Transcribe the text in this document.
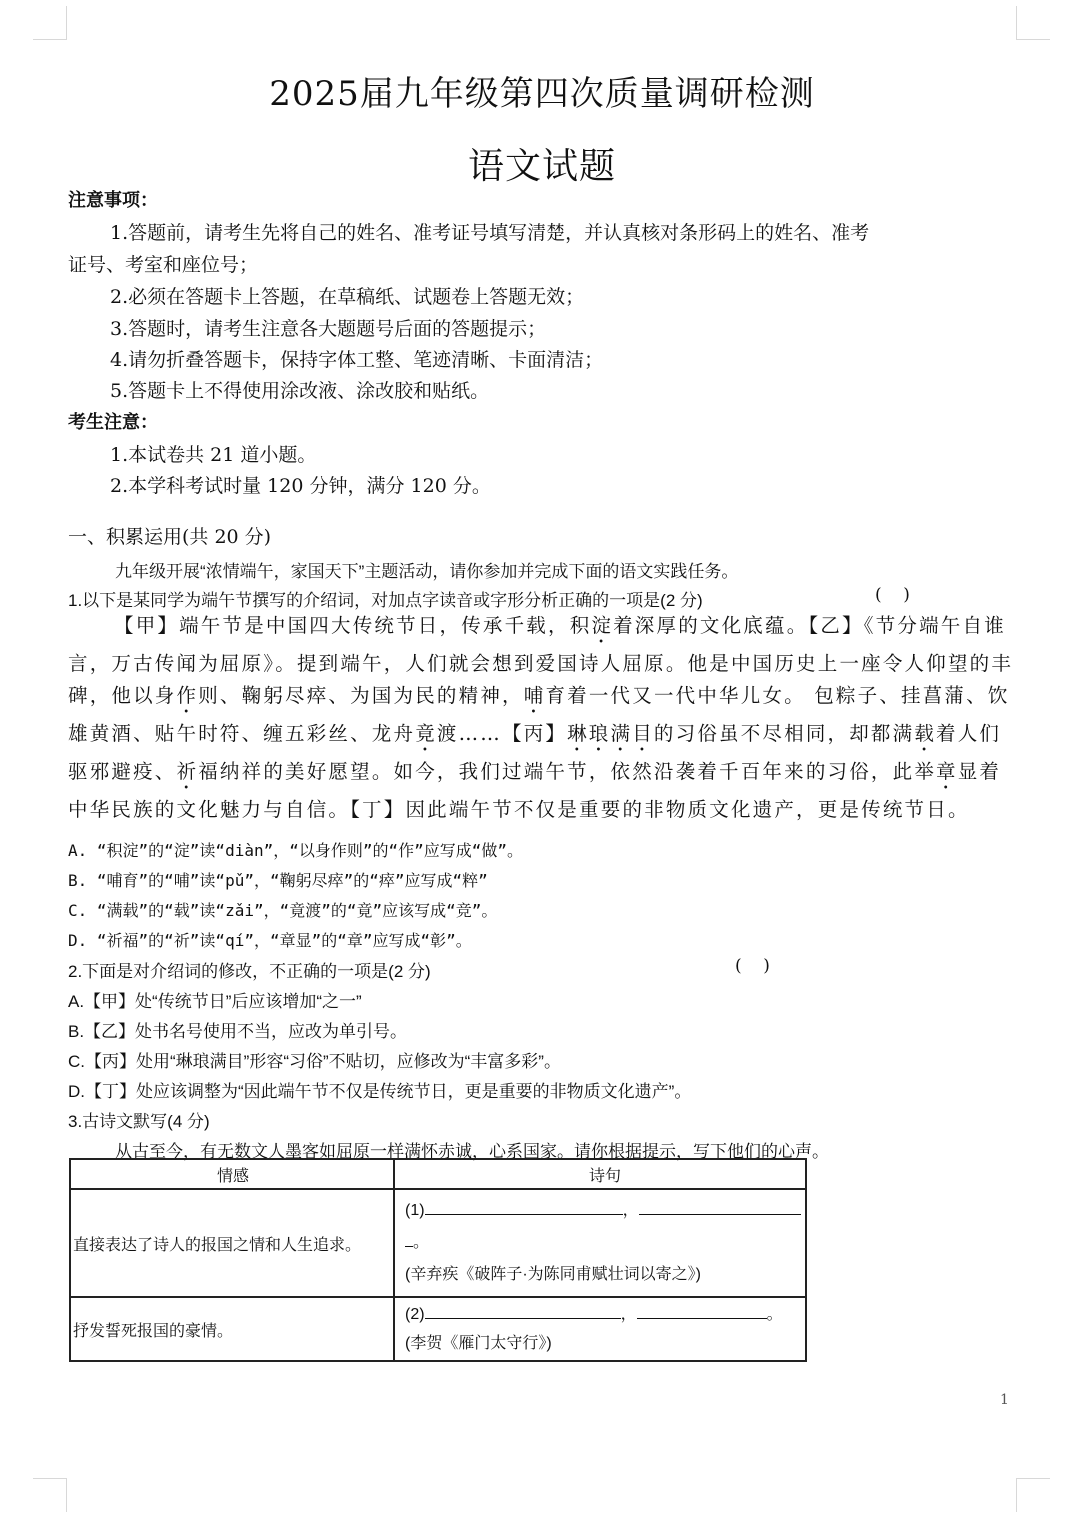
2025届九年级第四次质量调研检测
语文试题
注意事项：
1.答题前，请考生先将自己的姓名、准考证号填写清楚，并认真核对条形码上的姓名、准考
证号、考室和座位号；
2.必须在答题卡上答题，在草稿纸、试题卷上答题无效；
3.答题时，请考生注意各大题题号后面的答题提示；
4.请勿折叠答题卡，保持字体工整、笔迹清晰、卡面清洁；
5.答题卡上不得使用涂改液、涂改胶和贴纸。
考生注意：
1.本试卷共 21 道小题。
2.本学科考试时量 120 分钟，满分 120 分。
一、积累运用(共 20 分)
九年级开展“浓情端午，家国天下”主题活动，请你参加并完成下面的语文实践任务。
1.以下是某同学为端午节撰写的介绍词，对加点字读音或字形分析正确的一项是(2 分)	(    )
【甲】端午节是中国四大传统节日，传承千载，积淀着深厚的文化底蕴。【乙】《节分端午自谁言，万古传闻为屈原》。提到端午，人们就会想到爱国诗人屈原。他是中国历史上一座令人仰望的丰碑，他以身作则、鞠躬尽瘁、为国为民的精神，哺育着一代又一代中华儿女。 包粽子、挂菖蒲、饮雄黄酒、贴午时符、缠五彩丝、龙舟竟渡……【丙】琳琅满目的习俗虽不尽相同，却都满载着人们驱邪避疫、祈福纳祥的美好愿望。如今，我们过端午节，依然沿袭着千百年来的习俗，此举章显着中华民族的文化魅力与自信。【丁】因此端午节不仅是重要的非物质文化遗产，更是传统节日。
A. “积淀”的“淀”读“diàn”，“以身作则”的“作”应写成“做”。
B. “哺育”的“哺”读“pǔ”，“鞠躬尽瘁”的“瘁”应写成“粹”
C. “满载”的“载”读“zǎi”，“竟渡”的“竟”应该写成“竞”。
D. “祈福”的“祈”读“qí”，“章显”的“章”应写成“彰”。
2.下面是对介绍词的修改，不正确的一项是(2 分)	(    )
A.【甲】处“传统节日”后应该增加“之一”
B.【乙】处书名号使用不当，应改为单引号。
C.【丙】处用“琳琅满目”形容“习俗”不贴切，应修改为“丰富多彩”。
D.【丁】处应该调整为“因此端午节不仅是传统节日，更是重要的非物质文化遗产”。
3.古诗文默写(4 分)
从古至今，有无数文人墨客如屈原一样满怀赤诚，心系国家。请你根据提示，写下他们的心声。
情感	诗句
直接表达了诗人的报国之情和人生追求。	(1) ，
。
(辛弃疾《破阵子·为陈同甫赋壮词以寄之》)

抒发誓死报国的豪情。	(2) ， 。
(李贺《雁门太守行》)
1
